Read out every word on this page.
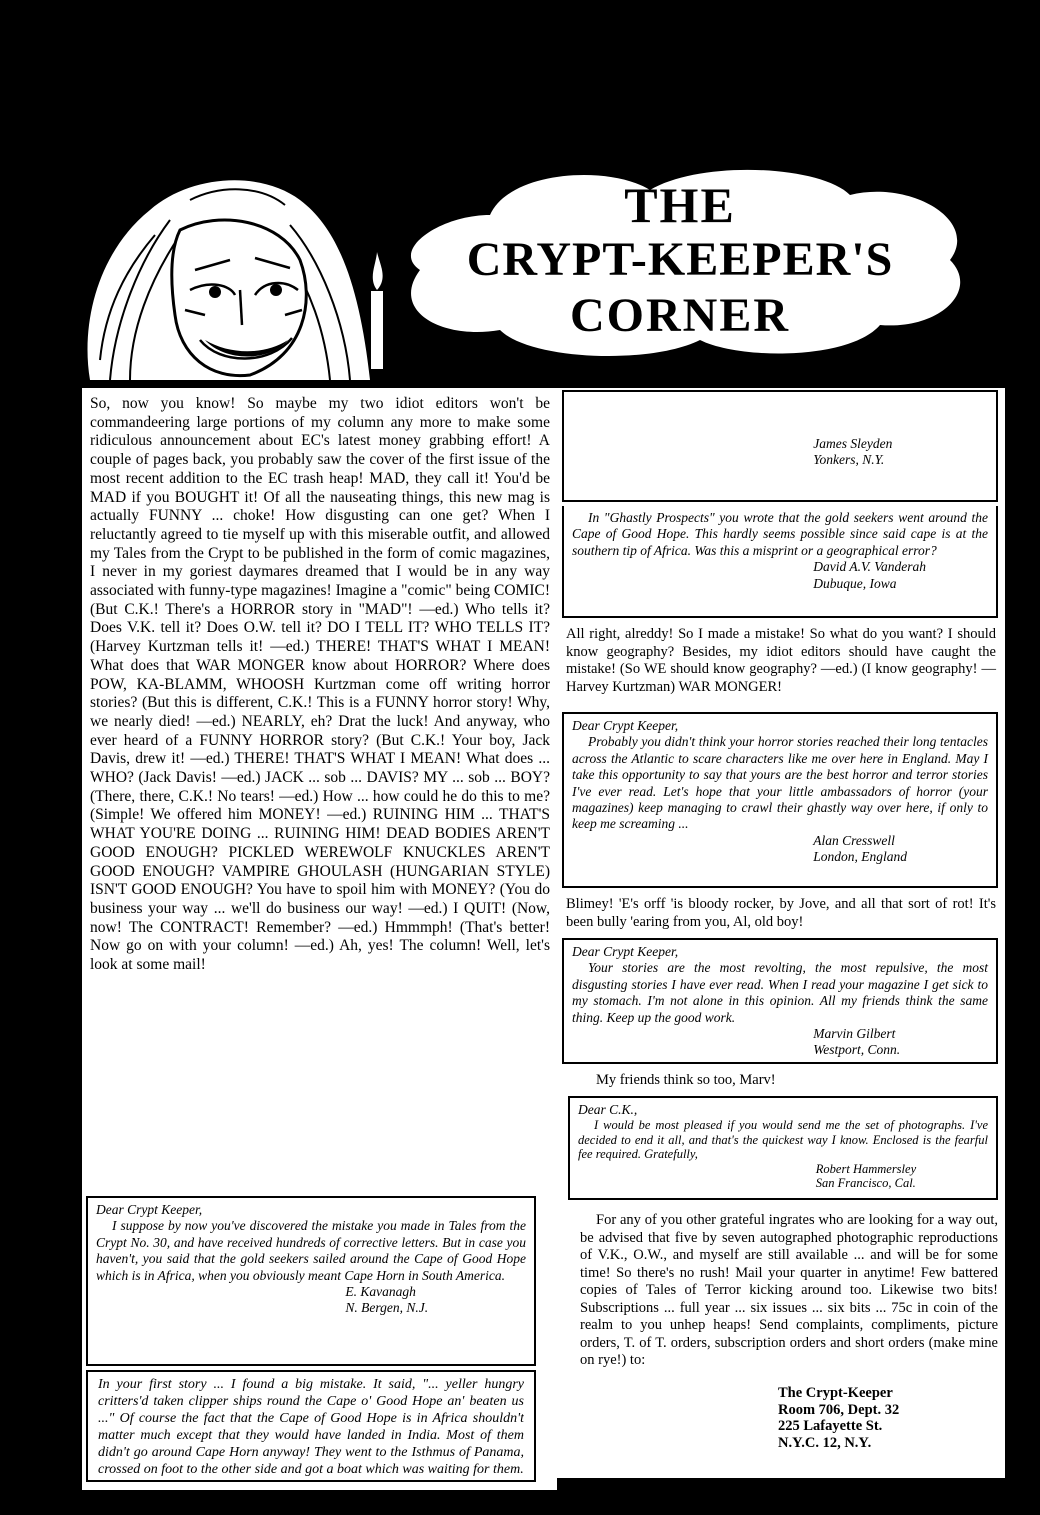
THE
CRYPT-KEEPER'S
CORNER
So, now you know! So maybe my two idiot editors won't be commandeering large portions of my column any more to make some ridiculous announcement about EC's latest money grabbing effort! A couple of pages back, you probably saw the cover of the first issue of the most recent addition to the EC trash heap! MAD, they call it! You'd be MAD if you BOUGHT it! Of all the nauseating things, this new mag is actually FUNNY ... choke! How disgusting can one get? When I reluctantly agreed to tie myself up with this miserable outfit, and allowed my Tales from the Crypt to be published in the form of comic magazines, I never in my goriest daymares dreamed that I would be in any way associated with funny-type magazines! Imagine a "comic" being COMIC! (But C.K.! There's a HORROR story in "MAD"! —ed.) Who tells it? Does V.K. tell it? Does O.W. tell it? DO I TELL IT? WHO TELLS IT? (Harvey Kurtzman tells it! —ed.) THERE! THAT'S WHAT I MEAN! What does that WAR MONGER know about HORROR? Where does POW, KA-BLAMM, WHOOSH Kurtzman come off writing horror stories? (But this is different, C.K.! This is a FUNNY horror story! Why, we nearly died! —ed.) NEARLY, eh? Drat the luck! And anyway, who ever heard of a FUNNY HORROR story? (But C.K.! Your boy, Jack Davis, drew it! —ed.) THERE! THAT'S WHAT I MEAN! What does ... WHO? (Jack Davis! —ed.) JACK ... sob ... DAVIS? MY ... sob ... BOY? (There, there, C.K.! No tears! —ed.) How ... how could he do this to me? (Simple! We offered him MONEY! —ed.) RUINING HIM ... THAT'S WHAT YOU'RE DOING ... RUINING HIM! DEAD BODIES AREN'T GOOD ENOUGH? PICKLED WEREWOLF KNUCKLES AREN'T GOOD ENOUGH? VAMPIRE GHOULASH (HUNGARIAN STYLE) ISN'T GOOD ENOUGH? You have to spoil him with MONEY? (You do business your way ... we'll do business our way! —ed.) I QUIT! (Now, now! The CONTRACT! Remember? —ed.) Hmmmph! (That's better! Now go on with your column! —ed.) Ah, yes! The column! Well, let's look at some mail!
Dear Crypt Keeper,
I suppose by now you've discovered the mistake you made in Tales from the Crypt No. 30, and have received hundreds of corrective letters. But in case you haven't, you said that the gold seekers sailed around the Cape of Good Hope which is in Africa, when you obviously meant Cape Horn in South America.
E. Kavanagh
N. Bergen, N.J.
In your first story ... I found a big mistake. It said, "... yeller hungry critters'd taken clipper ships round the Cape o' Good Hope an' beaten us ..." Of course the fact that the Cape of Good Hope is in Africa shouldn't matter much except that they would have landed in India. Most of them didn't go around Cape Horn anyway! They went to the Isthmus of Panama, crossed on foot to the other side and got a boat which was waiting for them.
James Sleyden
Yonkers, N.Y.
In "Ghastly Prospects" you wrote that the gold seekers went around the Cape of Good Hope. This hardly seems possible since said cape is at the southern tip of Africa. Was this a misprint or a geographical error?
David A.V. Vanderah
Dubuque, Iowa
All right, alreddy! So I made a mistake! So what do you want? I should know geography? Besides, my idiot editors should have caught the mistake! (So WE should know geography? —ed.) (I know geography! —Harvey Kurtzman) WAR MONGER!
Dear Crypt Keeper,
Probably you didn't think your horror stories reached their long tentacles across the Atlantic to scare characters like me over here in England. May I take this opportunity to say that yours are the best horror and terror stories I've ever read. Let's hope that your little ambassadors of horror (your magazines) keep managing to crawl their ghastly way over here, if only to keep me screaming ...
Alan Cresswell
London, England
Blimey! 'E's orff 'is bloody rocker, by Jove, and all that sort of rot! It's been bully 'earing from you, Al, old boy!
Dear Crypt Keeper,
Your stories are the most revolting, the most repulsive, the most disgusting stories I have ever read. When I read your magazine I get sick to my stomach. I'm not alone in this opinion. All my friends think the same thing. Keep up the good work.
Marvin Gilbert
Westport, Conn.
My friends think so too, Marv!
Dear C.K.,
I would be most pleased if you would send me the set of photographs. I've decided to end it all, and that's the quickest way I know. Enclosed is the fearful fee required. Gratefully,
Robert Hammersley
San Francisco, Cal.
For any of you other grateful ingrates who are looking for a way out, be advised that five by seven autographed photographic reproductions of V.K., O.W., and myself are still available ... and will be for some time! So there's no rush! Mail your quarter in anytime! Few battered copies of Tales of Terror kicking around too. Likewise two bits! Subscriptions ... full year ... six issues ... six bits ... 75c in coin of the realm to you unhep heaps! Send complaints, compliments, picture orders, T. of T. orders, subscription orders and short orders (make mine on rye!) to:
The Crypt-Keeper
Room 706, Dept. 32
225 Lafayette St.
N.Y.C. 12, N.Y.
